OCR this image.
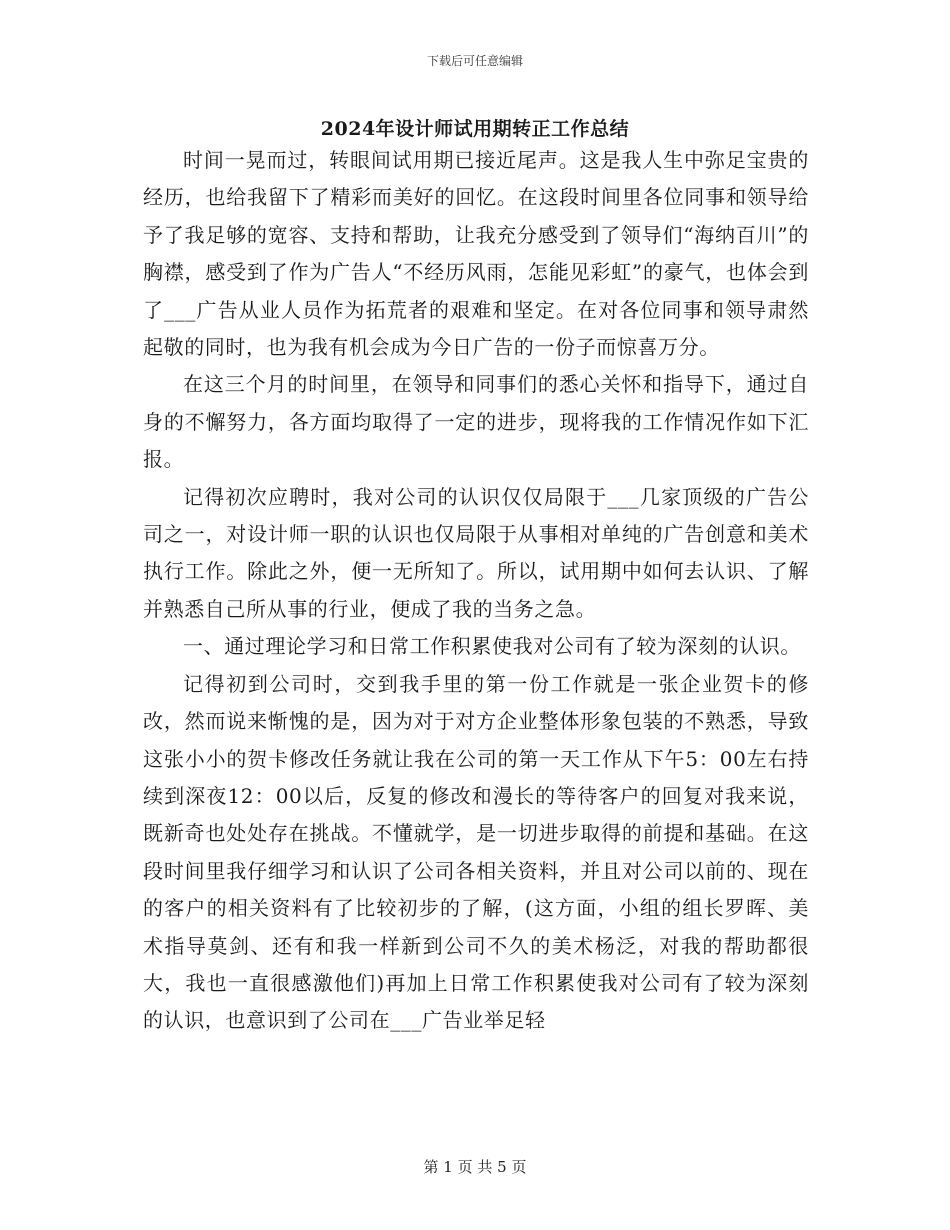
下载后可任意编辑
2024年设计师试用期转正工作总结

时间一晃而过，转眼间试用期已接近尾声。这是我人生中弥足宝贵的经历，也给我留下了精彩而美好的回忆。在这段时间里各位同事和领导给予了我足够的宽容、支持和帮助，让我充分感受到了领导们“海纳百川”的胸襟，感受到了作为广告人“不经历风雨，怎能见彩虹”的豪气，也体会到了___广告从业人员作为拓荒者的艰难和坚定。在对各位同事和领导肃然起敬的同时，也为我有机会成为今日广告的一份子而惊喜万分。

在这三个月的时间里，在领导和同事们的悉心关怀和指导下，通过自身的不懈努力，各方面均取得了一定的进步，现将我的工作情况作如下汇报。

记得初次应聘时，我对公司的认识仅仅局限于___几家顶级的广告公司之一，对设计师一职的认识也仅局限于从事相对单纯的广告创意和美术执行工作。除此之外，便一无所知了。所以，试用期中如何去认识、了解并熟悉自己所从事的行业，便成了我的当务之急。

一、通过理论学习和日常工作积累使我对公司有了较为深刻的认识。

记得初到公司时，交到我手里的第一份工作就是一张企业贺卡的修改，然而说来惭愧的是，因为对于对方企业整体形象包装的不熟悉，导致这张小小的贺卡修改任务就让我在公司的第一天工作从下午5：00左右持续到深夜12：00以后，反复的修改和漫长的等待客户的回复对我来说，既新奇也处处存在挑战。不懂就学，是一切进步取得的前提和基础。在这段时间里我仔细学习和认识了公司各相关资料，并且对公司以前的、现在的客户的相关资料有了比较初步的了解，(这方面，小组的组长罗晖、美术指导莫剑、还有和我一样新到公司不久的美术杨泛，对我的帮助都很大，我也一直很感激他们)再加上日常工作积累使我对公司有了较为深刻的认识，也意识到了公司在___广告业举足轻

第 1 页 共 5 页
